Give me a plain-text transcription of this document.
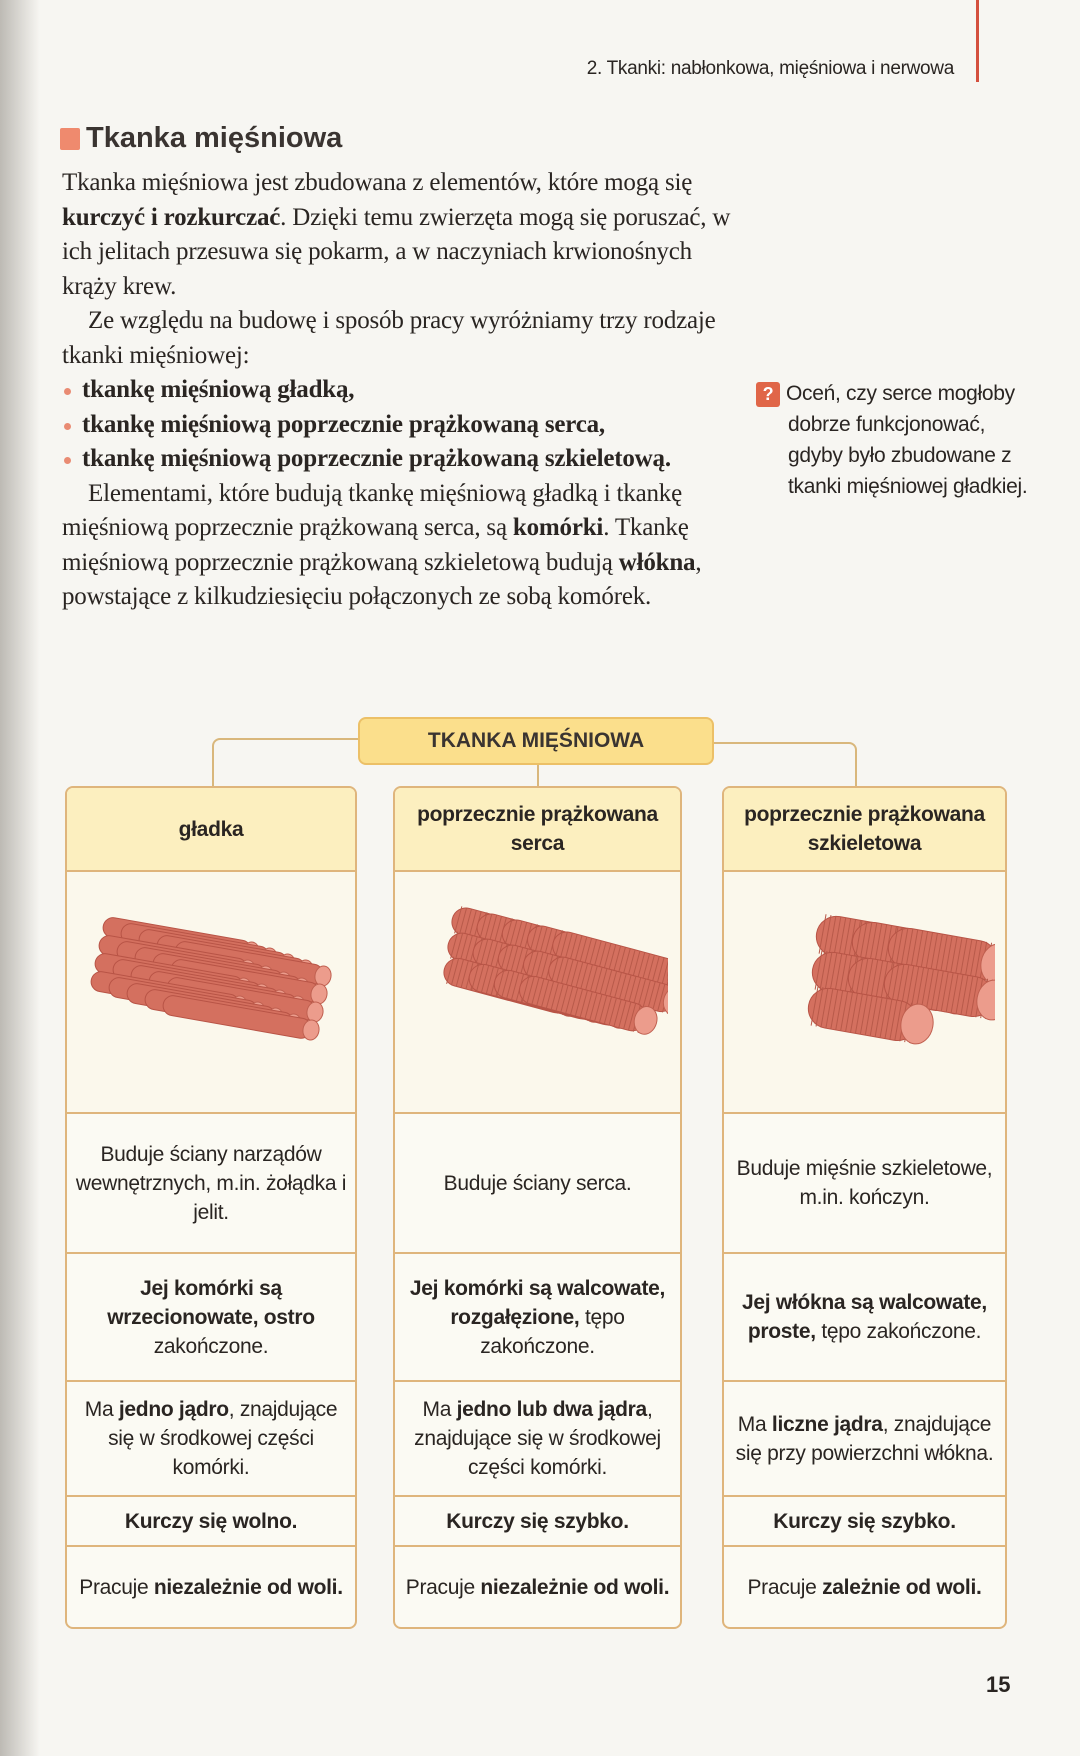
2. Tkanki: nabłonkowa, mięśniowa i nerwowa
Tkanka mięśniowa

Tkanka mięśniowa jest zbudowana z elementów, które mogą się kurczyć i rozkurczać. Dzięki temu zwierzęta mogą się poruszać, w ich jelitach przesuwa się pokarm, a w naczyniach krwionośnych krąży krew.

Ze względu na budowę i sposób pracy wyróżniamy trzy rodzaje tkanki mięśniowej:

tkankę mięśniową gładką,
tkankę mięśniową poprzecznie prążkowaną serca,
tkankę mięśniową poprzecznie prążkowaną szkieletową.

Elementami, które budują tkankę mięśniową gładką i tkankę mięśniową poprzecznie prążkowaną serca, są komórki. Tkankę mięśniową poprzecznie prążkowaną szkieletową budują włókna, powstające z kilkudziesięciu połączonych ze sobą komórek.

? Oceń, czy serce mogłoby dobrze funkcjonować, gdyby było zbudowane z tkanki mięśniowej gładkiej.
TKANKA MIĘŚNIOWA
gładka
Buduje ściany narządów wewnętrznych, m.in. żołądka i jelit.
Jej komórki są wrzecionowate, ostro zakończone.
Ma jedno jądro, znajdujące się w środkowej części komórki.
Kurczy się wolno.
Pracuje niezależnie od woli.
poprzecznie prążkowana serca
Buduje ściany serca.
Jej komórki są walcowate, rozgałęzione, tępo zakończone.
Ma jedno lub dwa jądra, znajdujące się w środkowej części komórki.
Kurczy się szybko.
Pracuje niezależnie od woli.
poprzecznie prążkowana szkieletowa
Buduje mięśnie szkieletowe, m.in. kończyn.
Jej włókna są walcowate, proste, tępo zakończone.
Ma liczne jądra, znajdujące się przy powierzchni włókna.
Kurczy się szybko.
Pracuje zależnie od woli.
15
